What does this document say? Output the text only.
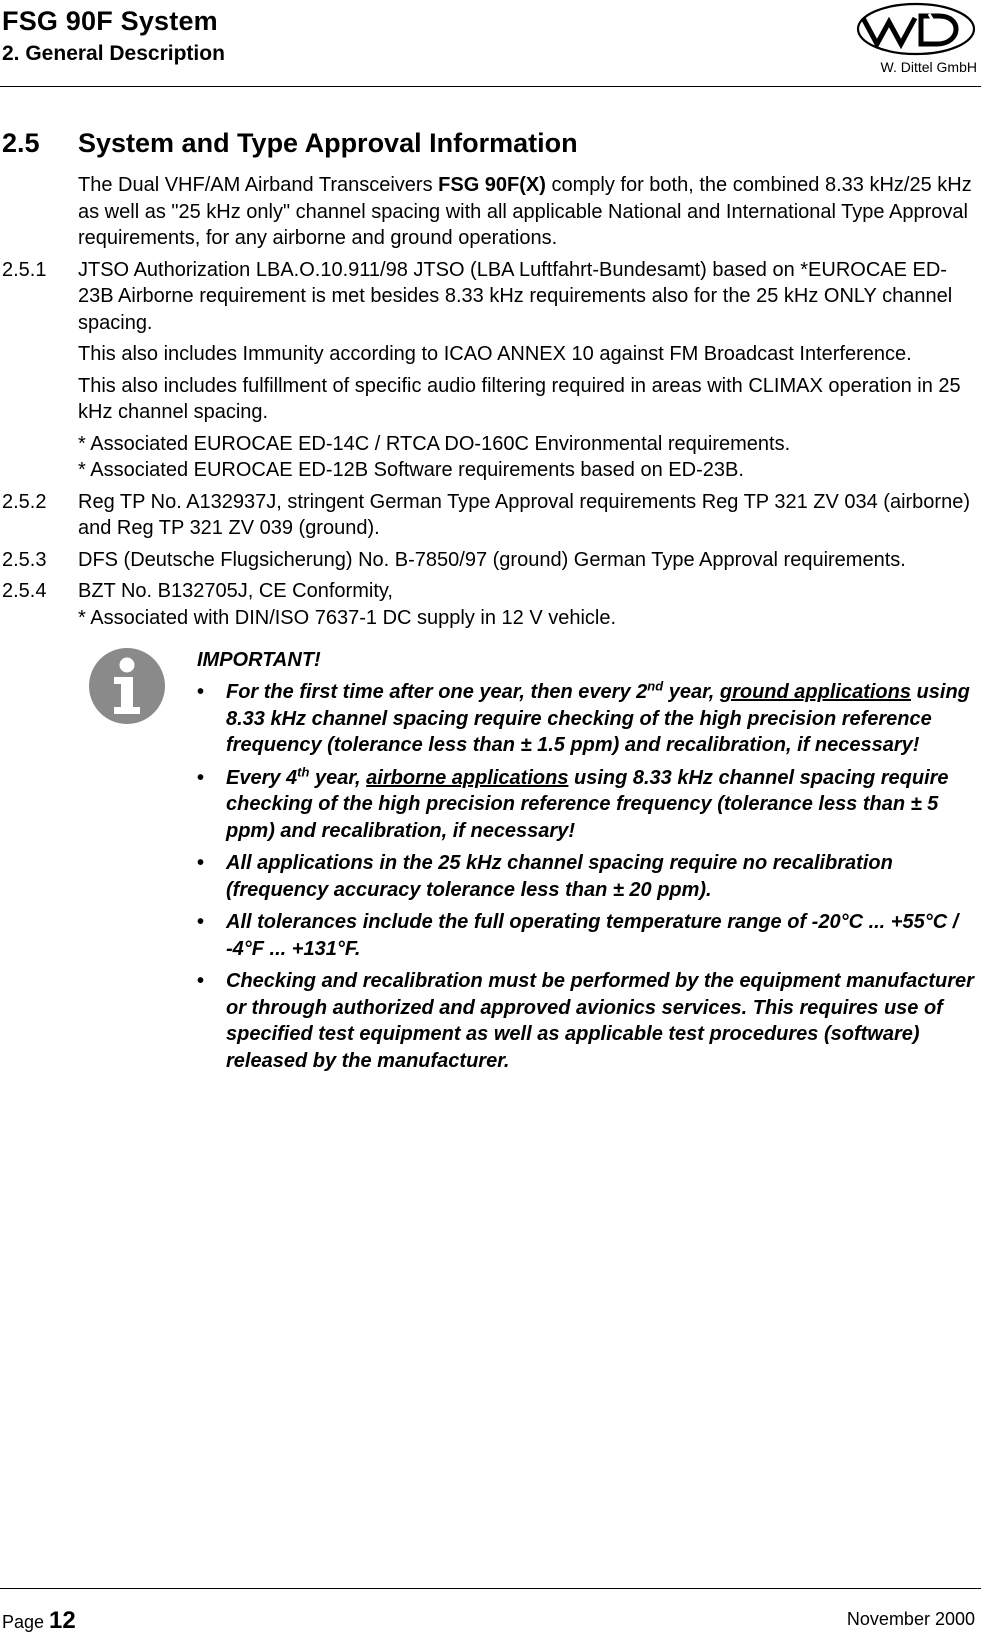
FSG 90F System
2. General Description
W. Dittel GmbH
2.5 System and Type Approval Information

The Dual VHF/AM Airband Transceivers FSG 90F(X) comply for both, the combined 8.33 kHz/25 kHz as well as "25 kHz only" channel spacing with all applicable National and International Type Approval requirements, for any airborne and ground operations.

2.5.1 JTSO Authorization LBA.O.10.911/98 JTSO (LBA Luftfahrt-Bundesamt) based on *EUROCAE ED-23B Airborne requirement is met besides 8.33 kHz requirements also for the 25 kHz ONLY channel spacing.
This also includes Immunity according to ICAO ANNEX 10 against FM Broadcast Interference.
This also includes fulfillment of specific audio filtering required in areas with CLIMAX operation in 25 kHz channel spacing.
* Associated EUROCAE ED-14C / RTCA DO-160C Environmental requirements.
* Associated EUROCAE ED-12B Software requirements based on ED-23B.
2.5.2 Reg TP No. A132937J, stringent German Type Approval requirements Reg TP 321 ZV 034 (airborne) and Reg TP 321 ZV 039 (ground).
2.5.3 DFS (Deutsche Flugsicherung) No. B-7850/97 (ground) German Type Approval requirements.
2.5.4 BZT No. B132705J, CE Conformity,
* Associated with DIN/ISO 7637-1 DC supply in 12 V vehicle.
IMPORTANT!
• For the first time after one year, then every 2nd year, ground applications using 8.33 kHz channel spacing require checking of the high precision reference frequency (tolerance less than ± 1.5 ppm) and recalibration, if necessary!
• Every 4th year, airborne applications using 8.33 kHz channel spacing require checking of the high precision reference frequency (tolerance less than ± 5 ppm) and recalibration, if necessary!
• All applications in the 25 kHz channel spacing require no recalibration (frequency accuracy tolerance less than ± 20 ppm).
• All tolerances include the full operating temperature range of -20°C ... +55°C / -4°F ... +131°F.
• Checking and recalibration must be performed by the equipment manufacturer or through authorized and approved avionics services. This requires use of specified test equipment as well as applicable test procedures (software) released by the manufacturer.
Page 12	November 2000
